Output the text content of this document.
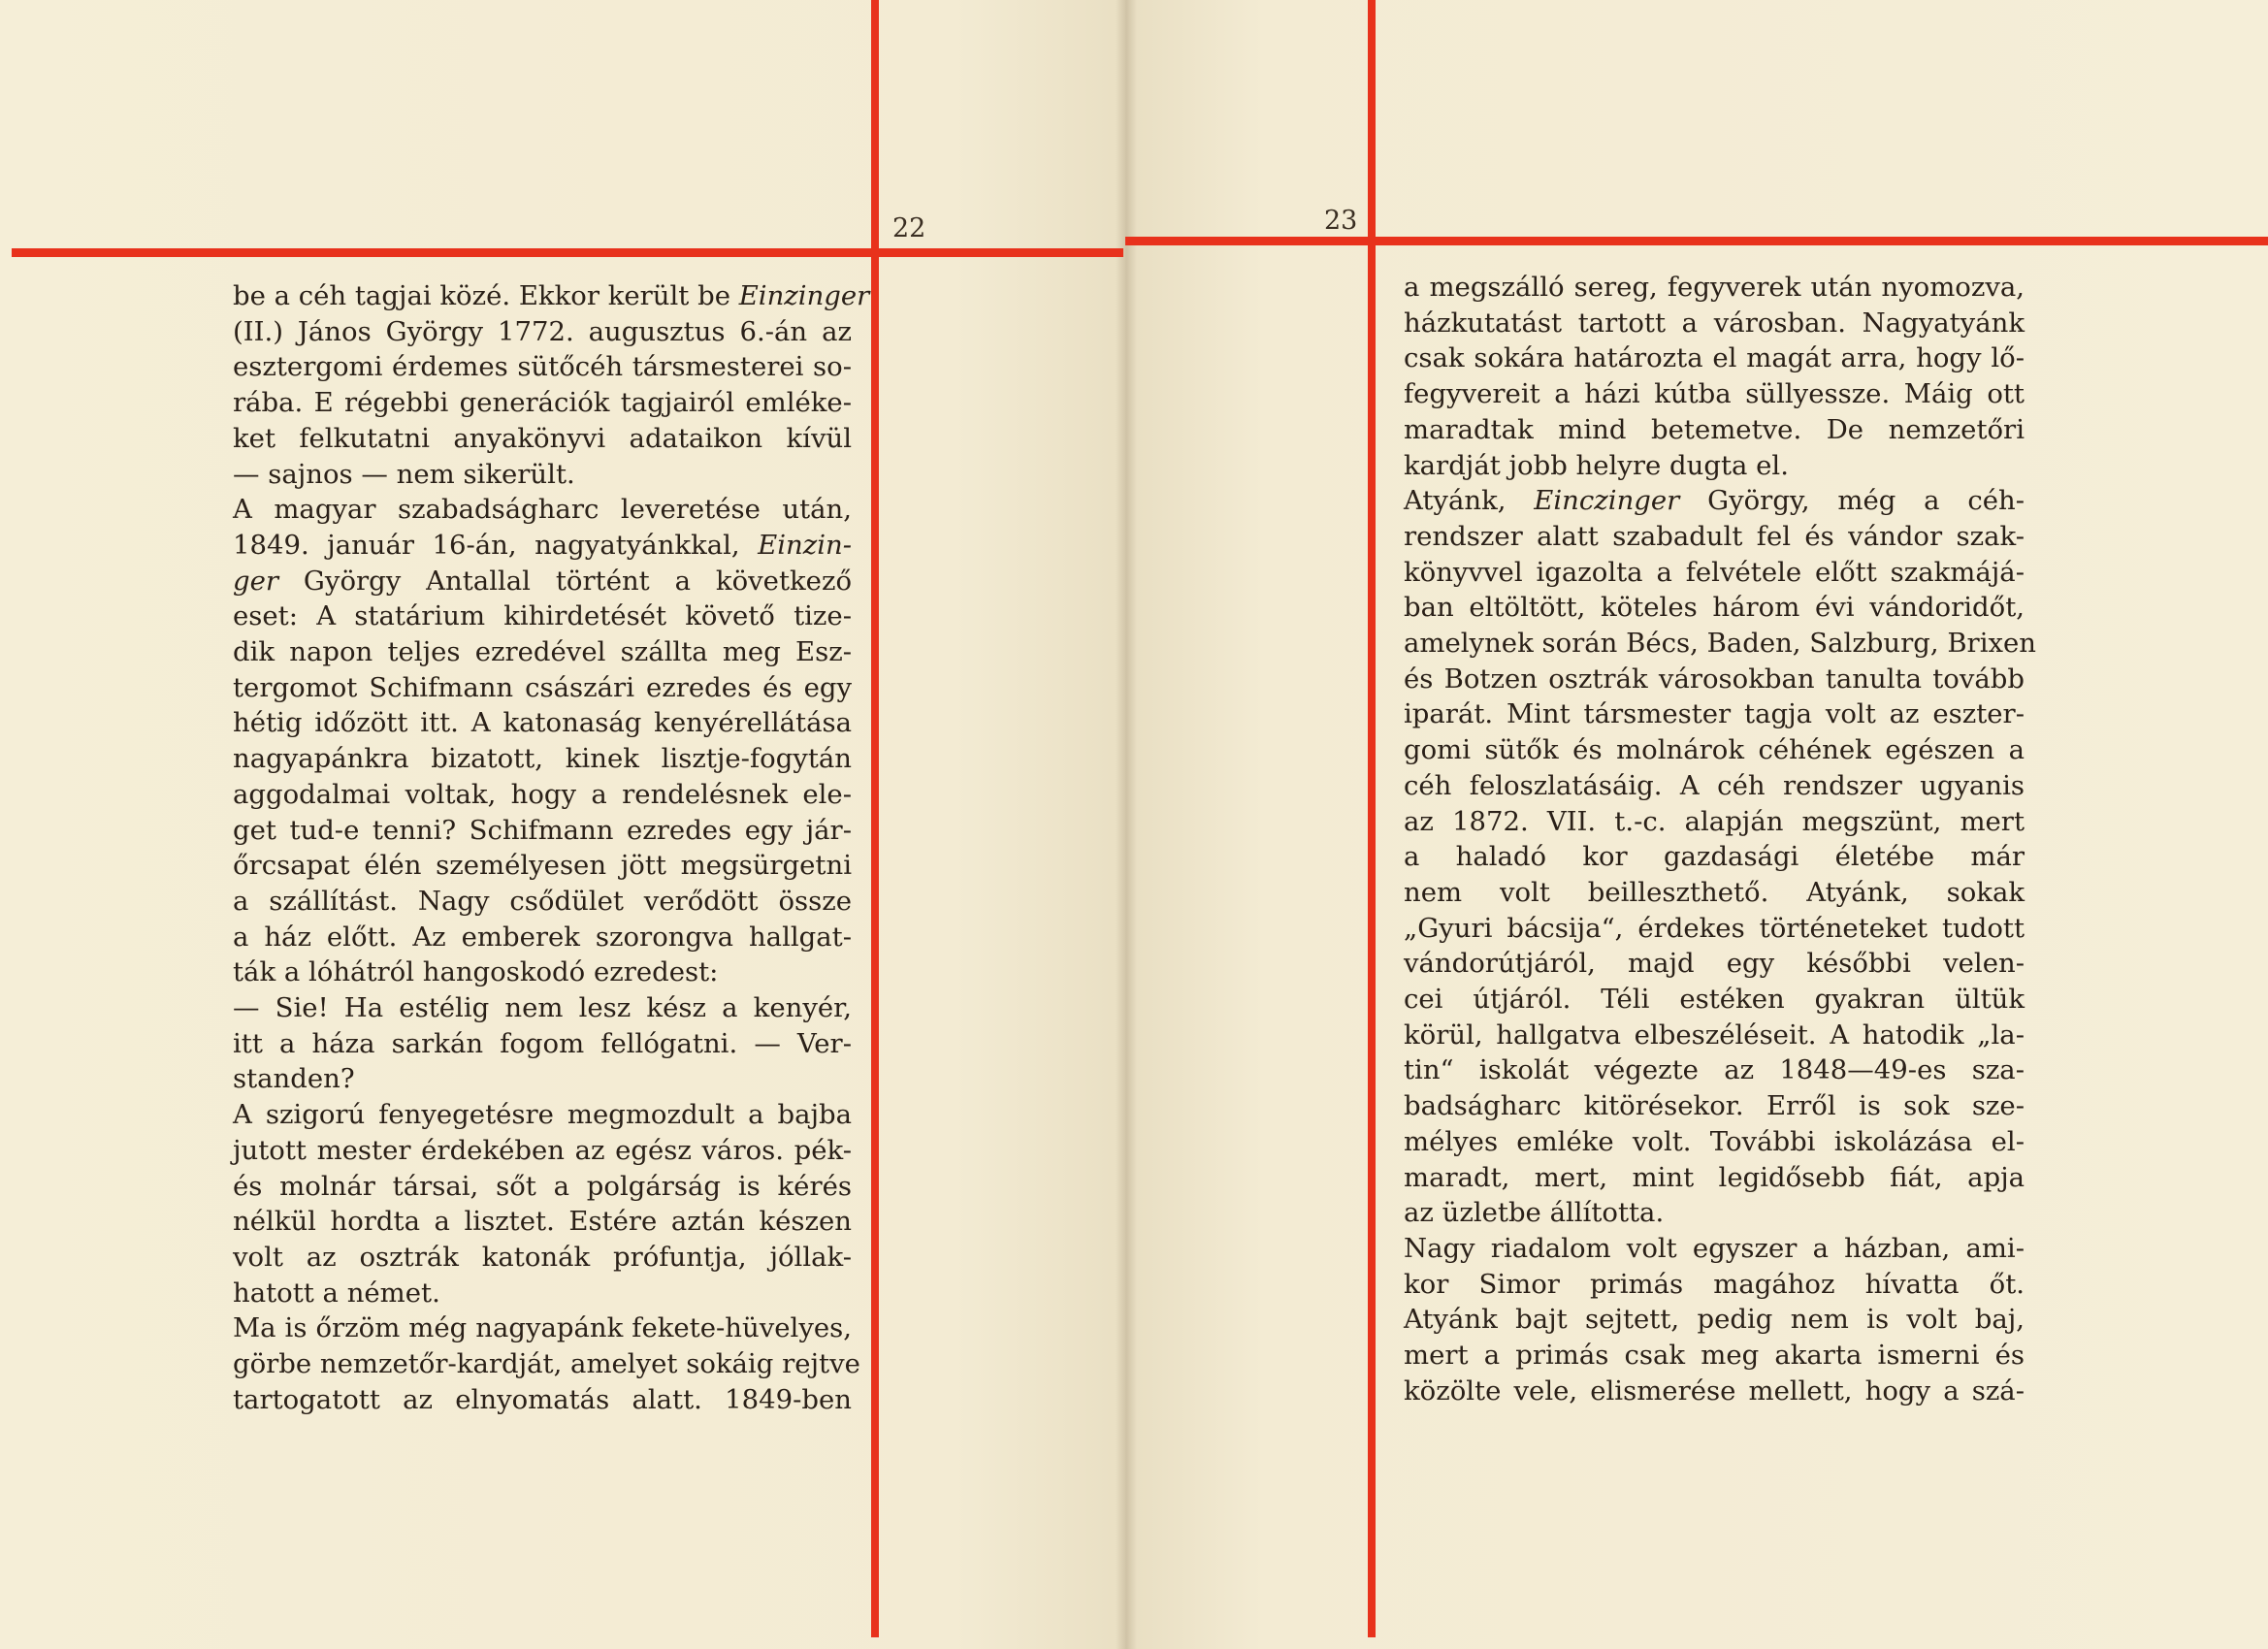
22	23
be a céh tagjai közé. Ekkor került be Einzinger
(II.) János György 1772. augusztus 6.-án az
esztergomi érdemes sütőcéh társmesterei so-
rába. E régebbi generációk tagjairól emléke-
ket felkutatni anyakönyvi adataikon kívül
— sajnos — nem sikerült.
A magyar szabadságharc leveretése után,
1849. január 16-án, nagyatyánkkal, Einzin-
ger György Antallal történt a következő
eset: A statárium kihirdetését követő tize-
dik napon teljes ezredével szállta meg Esz-
tergomot Schifmann császári ezredes és egy
hétig időzött itt. A katonaság kenyérellátása
nagyapánkra bizatott, kinek lisztje-fogytán
aggodalmai voltak, hogy a rendelésnek ele-
get tud-e tenni? Schifmann ezredes egy jár-
őrcsapat élén személyesen jött megsürgetni
a szállítást. Nagy csődület verődött össze
a ház előtt. Az emberek szorongva hallgat-
ták a lóhátról hangoskodó ezredest:
— Sie! Ha estélig nem lesz kész a kenyér,
itt a háza sarkán fogom fellógatni. — Ver-
standen?
A szigorú fenyegetésre megmozdult a bajba
jutott mester érdekében az egész város. pék-
és molnár társai, sőt a polgárság is kérés
nélkül hordta a lisztet. Estére aztán készen
volt az osztrák katonák prófuntja, jóllak-
hatott a német.
Ma is őrzöm még nagyapánk fekete-hüvelyes,
görbe nemzetőr-kardját, amelyet sokáig rejtve
tartogatott az elnyomatás alatt. 1849-ben
a megszálló sereg, fegyverek után nyomozva,
házkutatást tartott a városban. Nagyatyánk
csak sokára határozta el magát arra, hogy lő-
fegyvereit a házi kútba süllyessze. Máig ott
maradtak mind betemetve. De nemzetőri
kardját jobb helyre dugta el.
Atyánk, Einczinger György, még a céh-
rendszer alatt szabadult fel és vándor szak-
könyvvel igazolta a felvétele előtt szakmájá-
ban eltöltött, köteles három évi vándoridőt,
amelynek során Bécs, Baden, Salzburg, Brixen
és Botzen osztrák városokban tanulta tovább
iparát. Mint társmester tagja volt az eszter-
gomi sütők és molnárok céhének egészen a
céh feloszlatásáig. A céh rendszer ugyanis
az 1872. VII. t.-c. alapján megszünt, mert
a haladó kor gazdasági életébe már
nem volt beilleszthető. Atyánk, sokak
„Gyuri bácsija“, érdekes történeteket tudott
vándorútjáról, majd egy későbbi velen-
cei útjáról. Téli estéken gyakran ültük
körül, hallgatva elbeszéléseit. A hatodik „la-
tin“ iskolát végezte az 1848—49-es sza-
badságharc kitörésekor. Erről is sok sze-
mélyes emléke volt. További iskolázása el-
maradt, mert, mint legidősebb fiát, apja
az üzletbe állította.
Nagy riadalom volt egyszer a házban, ami-
kor Simor primás magához hívatta őt.
Atyánk bajt sejtett, pedig nem is volt baj,
mert a primás csak meg akarta ismerni és
közölte vele, elismerése mellett, hogy a szá-
